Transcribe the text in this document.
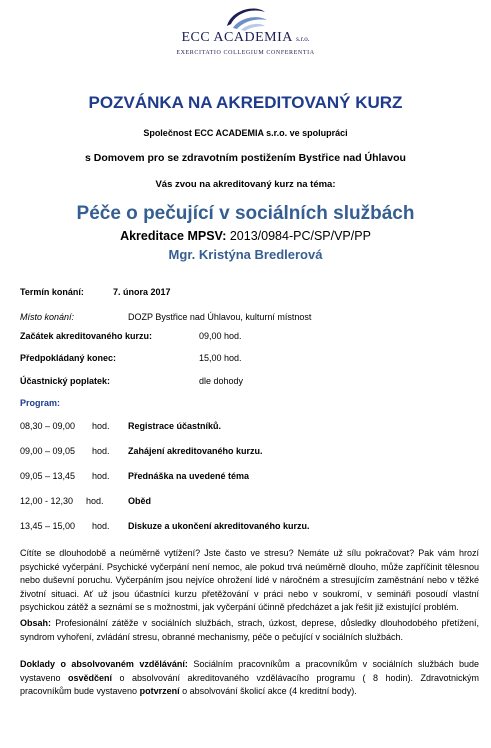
ECC ACADEMIA s.r.o.
EXERCITATIO COLLEGIUM CONFERENTIA
POZVÁNKA NA AKREDITOVANÝ KURZ
Společnost ECC ACADEMIA s.r.o. ve spolupráci
s Domovem pro se zdravotním postižením Bystřice nad Úhlavou
Vás zvou na akreditovaný kurz na téma:
Péče o pečující v sociálních službách
Akreditace MPSV: 2013/0984-PC/SP/VP/PP
Mgr. Kristýna Bredlerová
Termín konání:	7. února 2017
Místo konání:	DOZP Bystřice nad Úhlavou, kulturní místnost
Začátek akreditovaného kurzu:	09,00 hod.
Předpokládaný konec:	15,00 hod.
Účastnický poplatek:	dle dohody
Program:
08,30 – 09,00 hod. Registrace účastníků.
09,00 – 09,05 hod. Zahájení akreditovaného kurzu.
09,05 – 13,45 hod. Přednáška na uvedené téma
12,00 - 12,30 hod.	Oběd
13,45 – 15,00 hod. Diskuze a ukončení akreditovaného kurzu.
Cítíte se dlouhodobě a neúměrně vytížení? Jste často ve stresu? Nemáte už sílu pokračovat? Pak vám hrozí psychické vyčerpání. Psychické vyčerpání není nemoc, ale pokud trvá neúměrně dlouho, může zapříčinit tělesnou nebo duševní poruchu. Vyčerpáním jsou nejvíce ohrožení lidé v náročném a stresujícím zaměstnání nebo v těžké životní situaci. Ať už jsou účastníci kurzu přetěžování v práci nebo v soukromí, v semináři posoudí vlastní psychickou zátěž a seznámí se s možnostmi, jak vyčerpání účinně předcházet a jak řešit již existující problém.
Obsah: Profesionální zátěže v sociálních službách, strach, úzkost, deprese, důsledky dlouhodobého přetížení, syndrom vyhoření, zvládání stresu, obranné mechanismy, péče o pečující v sociálních službách.
Doklady o absolvovaném vzdělávání: Sociálním pracovníkům a pracovníkům v sociálních službách bude vystaveno osvědčení o absolvování akreditovaného vzdělávacího programu ( 8 hodin). Zdravotnickým pracovníkům bude vystaveno potvrzení o absolvování školicí akce (4 kreditní body).
